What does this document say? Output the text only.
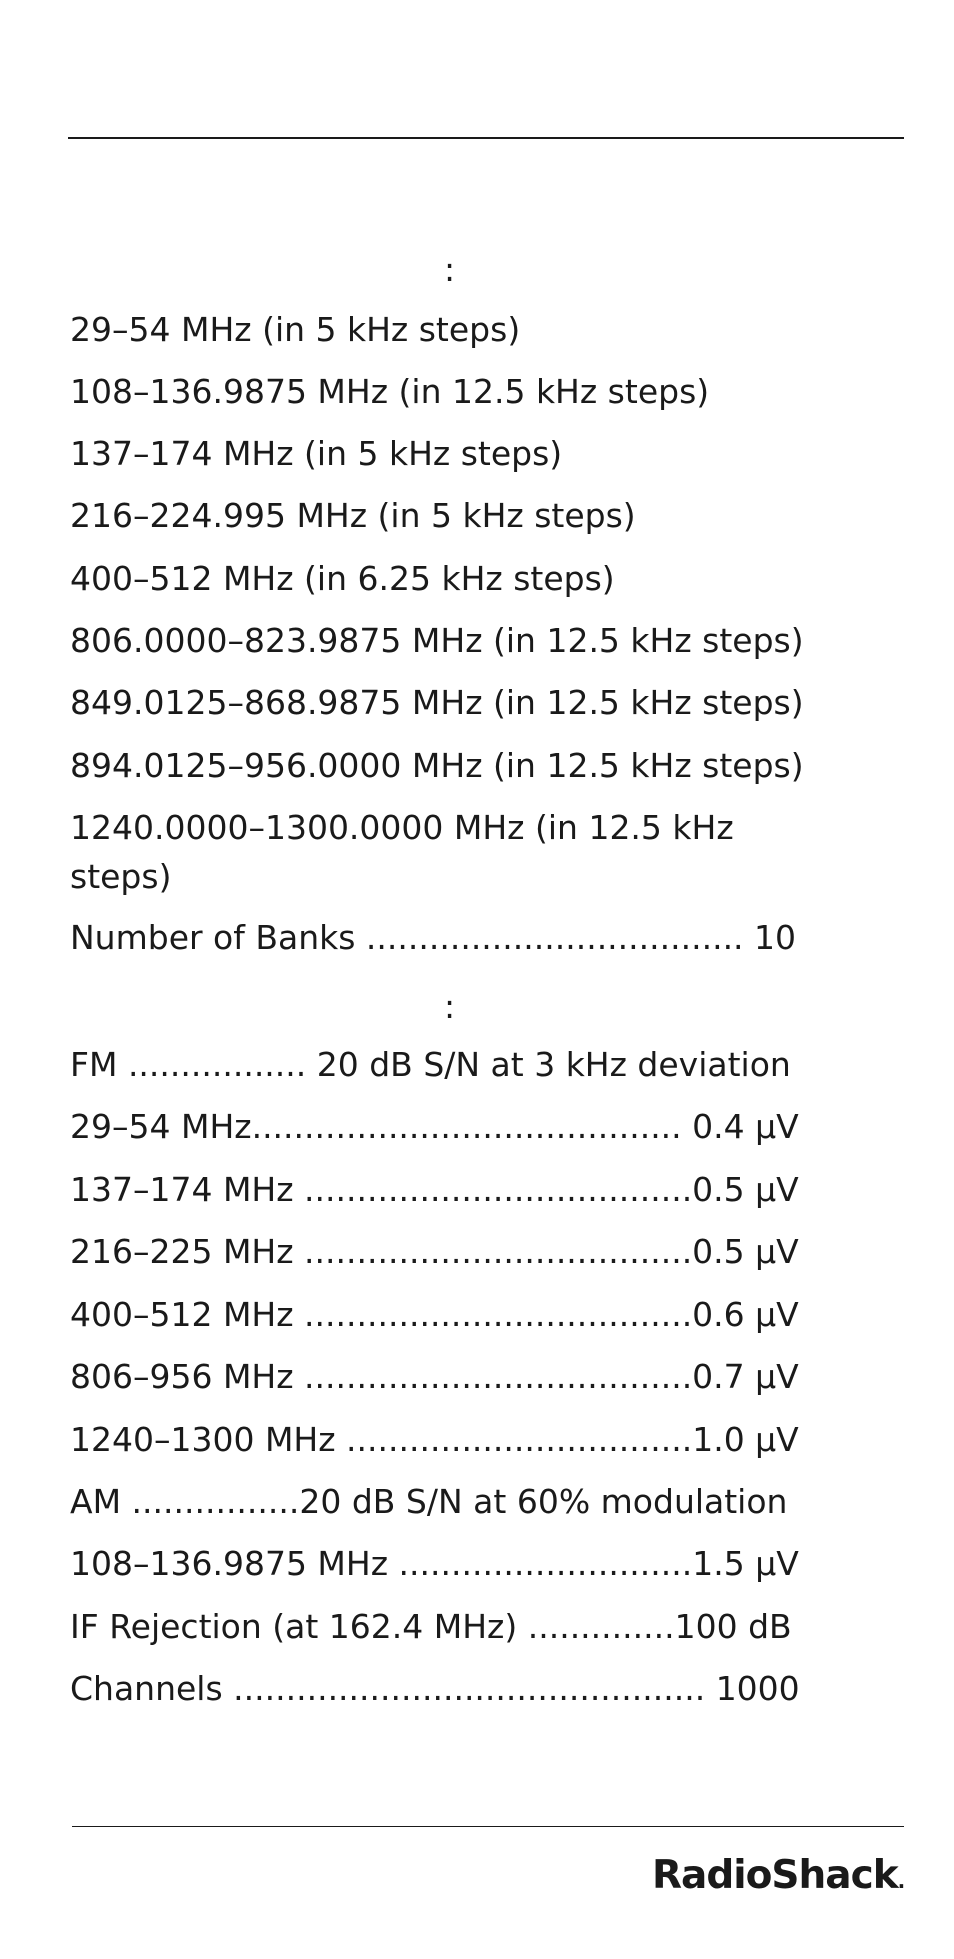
:
29–54 MHz (in 5 kHz steps)
108–136.9875 MHz (in 12.5 kHz steps)
137–174 MHz (in 5 kHz steps)
216–224.995 MHz (in 5 kHz steps)
400–512 MHz (in 6.25 kHz steps)
806.0000–823.9875 MHz (in 12.5 kHz steps)
849.0125–868.9875 MHz (in 12.5 kHz steps)
894.0125–956.0000 MHz (in 12.5 kHz steps)
1240.0000–1300.0000 MHz (in 12.5 kHz steps)
Number of Banks .................................... 10
:
FM ................. 20 dB S/N at 3 kHz deviation
29–54 MHz......................................... 0.4 μV
137–174 MHz .....................................0.5 μV
216–225 MHz .....................................0.5 μV
400–512 MHz .....................................0.6 μV
806–956 MHz .....................................0.7 μV
1240–1300 MHz .................................1.0 μV
AM ................20 dB S/N at 60% modulation
108–136.9875 MHz ............................1.5 μV
IF Rejection (at 162.4 MHz) ..............100 dB
Channels ............................................. 1000
RadioShack.
